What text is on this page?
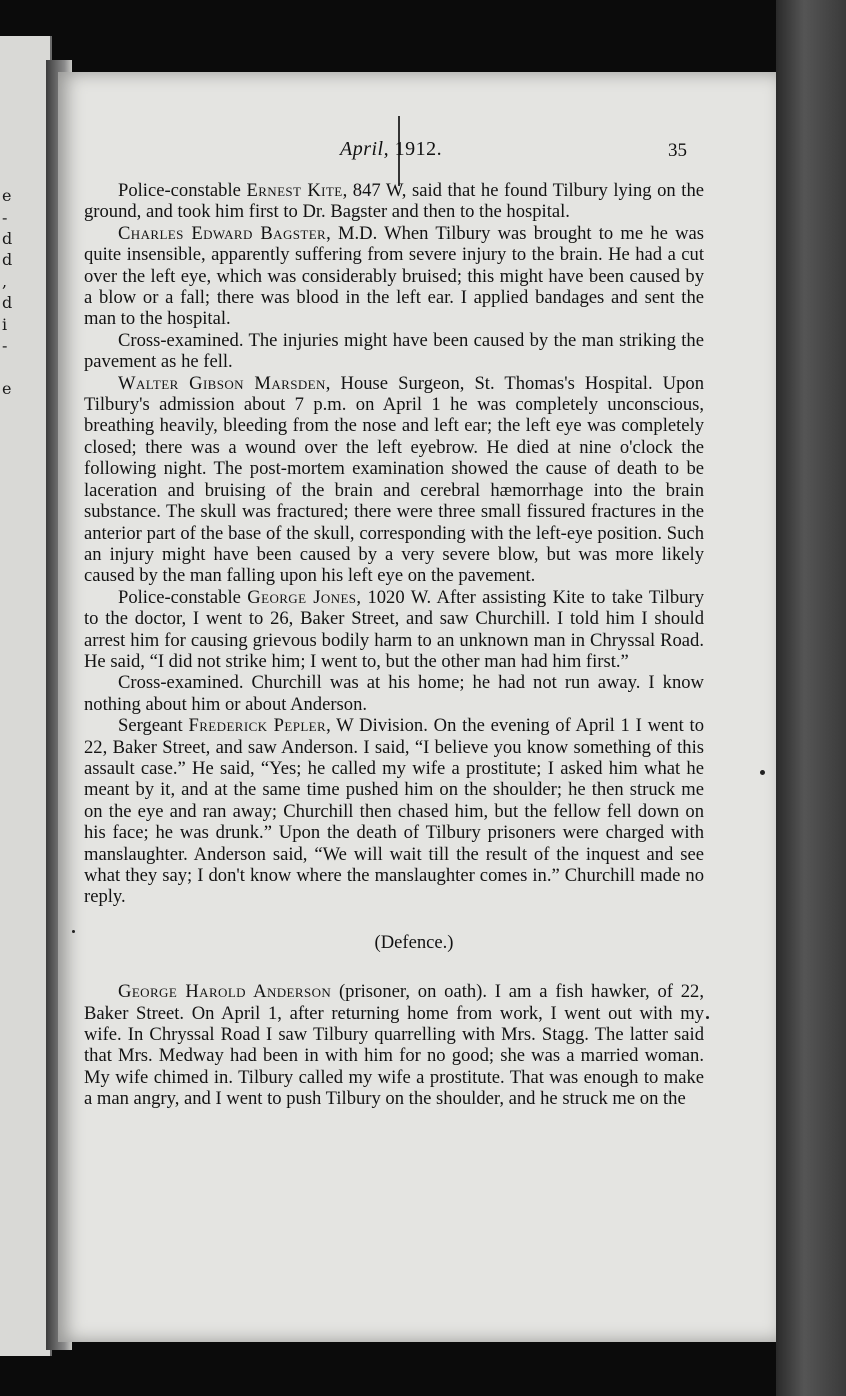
e
-
d
d
,
d
i
-
e
April, 1912.	35

Police-constable Ernest Kite, 847 W, said that he found Tilbury lying on the ground, and took him first to Dr. Bagster and then to the hospital.

Charles Edward Bagster, M.D. When Tilbury was brought to me he was quite insensible, apparently suffering from severe injury to the brain. He had a cut over the left eye, which was considerably bruised; this might have been caused by a blow or a fall; there was blood in the left ear. I applied bandages and sent the man to the hospital.

Cross-examined. The injuries might have been caused by the man striking the pavement as he fell.

Walter Gibson Marsden, House Surgeon, St. Thomas's Hospital. Upon Tilbury's admission about 7 p.m. on April 1 he was completely unconscious, breathing heavily, bleeding from the nose and left ear; the left eye was completely closed; there was a wound over the left eyebrow. He died at nine o'clock the following night. The post-mortem examination showed the cause of death to be laceration and bruising of the brain and cerebral hæmorrhage into the brain substance. The skull was fractured; there were three small fissured fractures in the anterior part of the base of the skull, corresponding with the left-eye position. Such an injury might have been caused by a very severe blow, but was more likely caused by the man falling upon his left eye on the pavement.

Police-constable George Jones, 1020 W. After assisting Kite to take Tilbury to the doctor, I went to 26, Baker Street, and saw Churchill. I told him I should arrest him for causing grievous bodily harm to an unknown man in Chryssal Road. He said, “I did not strike him; I went to, but the other man had him first.”

Cross-examined. Churchill was at his home; he had not run away. I know nothing about him or about Anderson.

Sergeant Frederick Pepler, W Division. On the evening of April 1 I went to 22, Baker Street, and saw Anderson. I said, “I believe you know something of this assault case.” He said, “Yes; he called my wife a prostitute; I asked him what he meant by it, and at the same time pushed him on the shoulder; he then struck me on the eye and ran away; Churchill then chased him, but the fellow fell down on his face; he was drunk.” Upon the death of Tilbury prisoners were charged with manslaughter. Anderson said, “We will wait till the result of the inquest and see what they say; I don't know where the manslaughter comes in.” Churchill made no reply.

(Defence.)

George Harold Anderson (prisoner, on oath). I am a fish hawker, of 22, Baker Street. On April 1, after returning home from work, I went out with my wife. In Chryssal Road I saw Tilbury quarrelling with Mrs. Stagg. The latter said that Mrs. Medway had been in with him for no good; she was a married woman. My wife chimed in. Tilbury called my wife a prostitute. That was enough to make a man angry, and I went to push Tilbury on the shoulder, and he struck me on the
